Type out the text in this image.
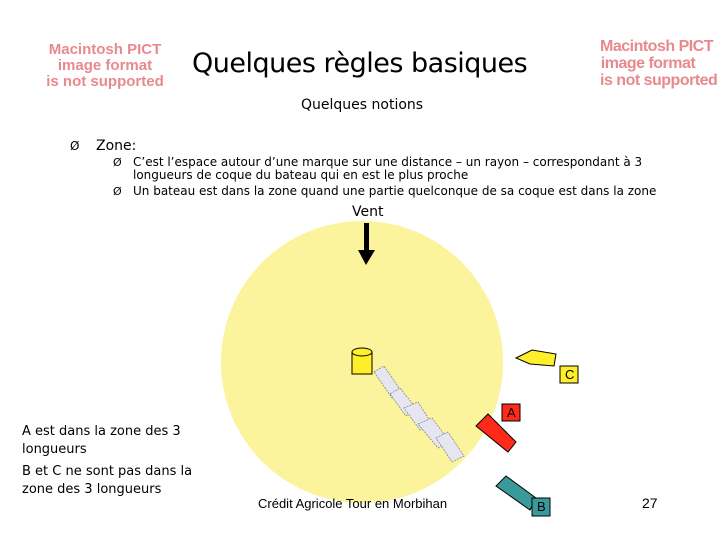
Macintosh PICT
image format
is not supported
Macintosh PICT
image format
is not supported
Quelques règles basiques
Quelques notions
Ø Zone:
Ø C’est l’espace autour d’une marque sur une distance – un rayon – correspondant à 3 longueurs de coque du bateau qui en est le plus proche
Ø Un bateau est dans la zone quand une partie quelconque de sa coque est dans la zone
Vent
C
A
B

A est dans la zone des 3 longueurs

B et C ne sont pas dans la zone des 3 longueurs

Crédit Agricole Tour en Morbihan	27
